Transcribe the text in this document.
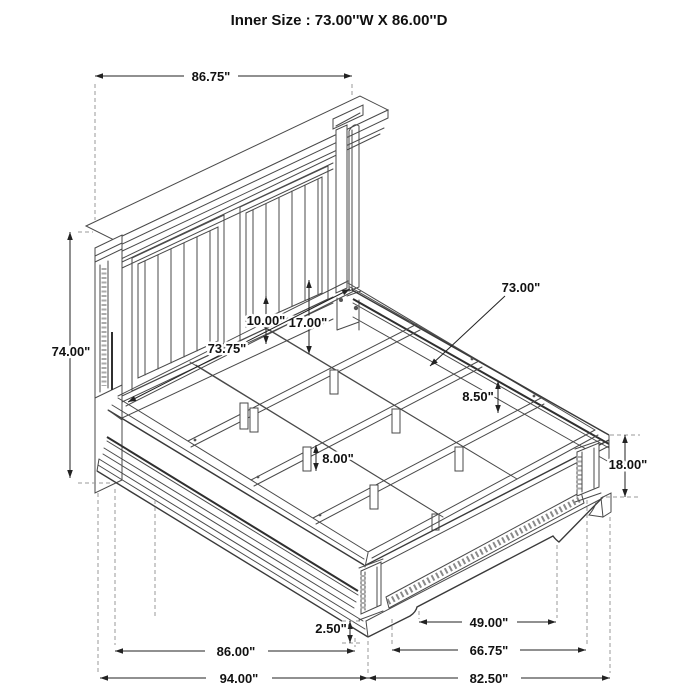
86.75"
74.00"
10.00" 17.00"
73.75"
73.00"
8.50"
8.00"	18.00"
2.50"	49.00"
66.75"
86.00"
94.00"	82.50"
Inner Size : 73.00''W X 86.00''D
